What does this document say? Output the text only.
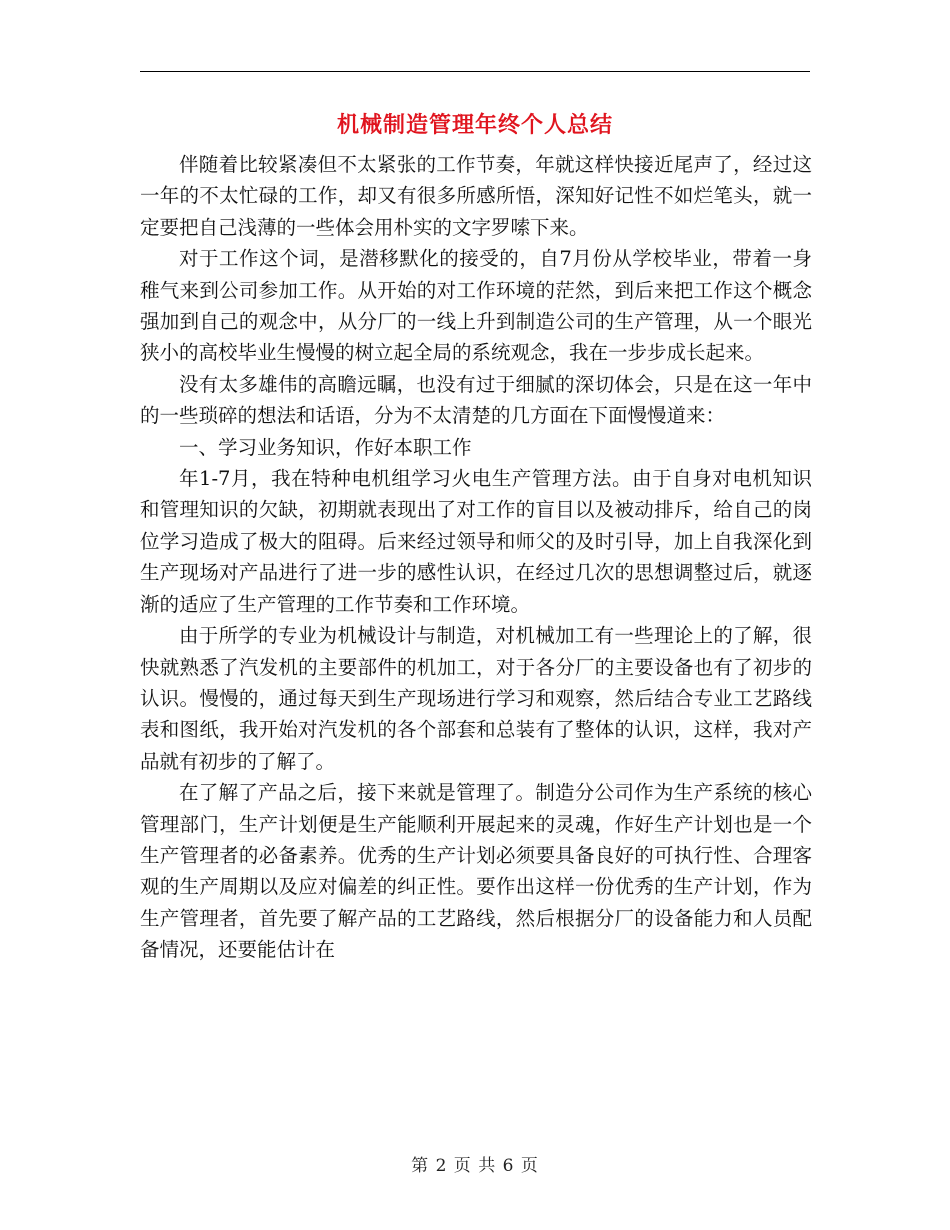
机械制造管理年终个人总结

伴随着比较紧凑但不太紧张的工作节奏，年就这样快接近尾声了，经过这一年的不太忙碌的工作，却又有很多所感所悟，深知好记性不如烂笔头，就一定要把自己浅薄的一些体会用朴实的文字罗嗦下来。

对于工作这个词，是潜移默化的接受的，自7月份从学校毕业，带着一身稚气来到公司参加工作。从开始的对工作环境的茫然，到后来把工作这个概念强加到自己的观念中，从分厂的一线上升到制造公司的生产管理，从一个眼光狭小的高校毕业生慢慢的树立起全局的系统观念，我在一步步成长起来。

没有太多雄伟的高瞻远瞩，也没有过于细腻的深切体会，只是在这一年中的一些琐碎的想法和话语，分为不太清楚的几方面在下面慢慢道来：

一、学习业务知识，作好本职工作

年1-7月，我在特种电机组学习火电生产管理方法。由于自身对电机知识和管理知识的欠缺，初期就表现出了对工作的盲目以及被动排斥，给自己的岗位学习造成了极大的阻碍。后来经过领导和师父的及时引导，加上自我深化到生产现场对产品进行了进一步的感性认识，在经过几次的思想调整过后，就逐渐的适应了生产管理的工作节奏和工作环境。

由于所学的专业为机械设计与制造，对机械加工有一些理论上的了解，很快就熟悉了汽发机的主要部件的机加工，对于各分厂的主要设备也有了初步的认识。慢慢的，通过每天到生产现场进行学习和观察，然后结合专业工艺路线表和图纸，我开始对汽发机的各个部套和总装有了整体的认识，这样，我对产品就有初步的了解了。

在了解了产品之后，接下来就是管理了。制造分公司作为生产系统的核心管理部门，生产计划便是生产能顺利开展起来的灵魂，作好生产计划也是一个生产管理者的必备素养。优秀的生产计划必须要具备良好的可执行性、合理客观的生产周期以及应对偏差的纠正性。要作出这样一份优秀的生产计划，作为生产管理者，首先要了解产品的工艺路线，然后根据分厂的设备能力和人员配备情况，还要能估计在

第 2 页 共 6 页
